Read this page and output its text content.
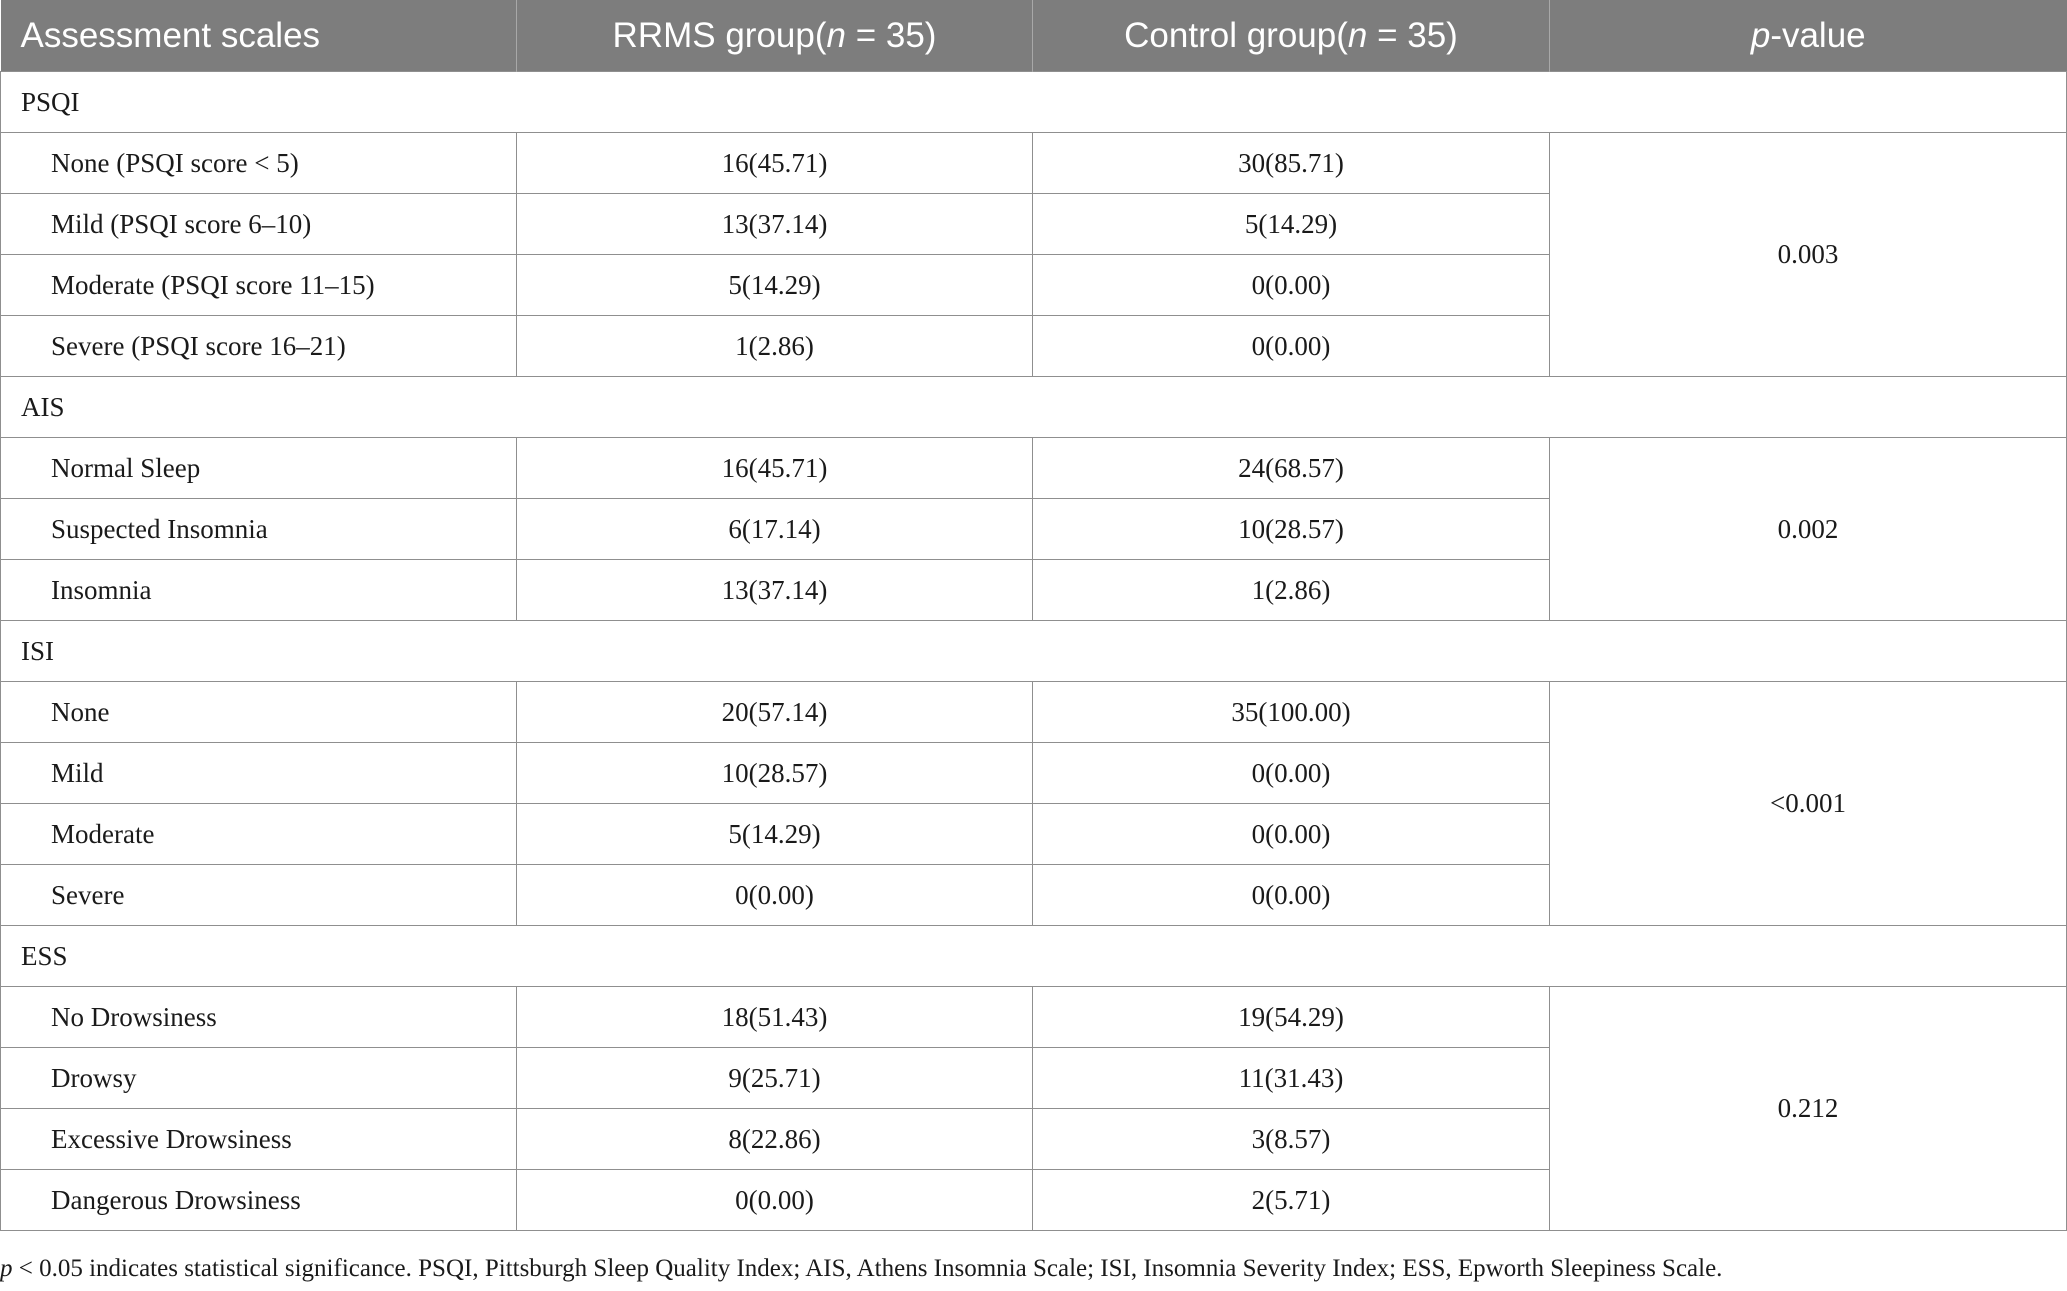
Assessment scales	RRMS group(n = 35)	Control group(n = 35)	p-value
PSQI			
None (PSQI score < 5)	16(45.71)	30(85.71)	0.003
Mild (PSQI score 6–10)	13(37.14)	5(14.29)	
Moderate (PSQI score 11–15)	5(14.29)	0(0.00)	
Severe (PSQI score 16–21)	1(2.86)	0(0.00)	
AIS			
Normal Sleep	16(45.71)	24(68.57)	0.002
Suspected Insomnia	6(17.14)	10(28.57)	
Insomnia	13(37.14)	1(2.86)	
ISI			
None	20(57.14)	35(100.00)	<0.001
Mild	10(28.57)	0(0.00)	
Moderate	5(14.29)	0(0.00)	
Severe	0(0.00)	0(0.00)	
ESS			
No Drowsiness	18(51.43)	19(54.29)	0.212
Drowsy	9(25.71)	11(31.43)	
Excessive Drowsiness	8(22.86)	3(8.57)	
Dangerous Drowsiness	0(0.00)	2(5.71)	
p < 0.05 indicates statistical significance. PSQI, Pittsburgh Sleep Quality Index; AIS, Athens Insomnia Scale; ISI, Insomnia Severity Index; ESS, Epworth Sleepiness Scale.
